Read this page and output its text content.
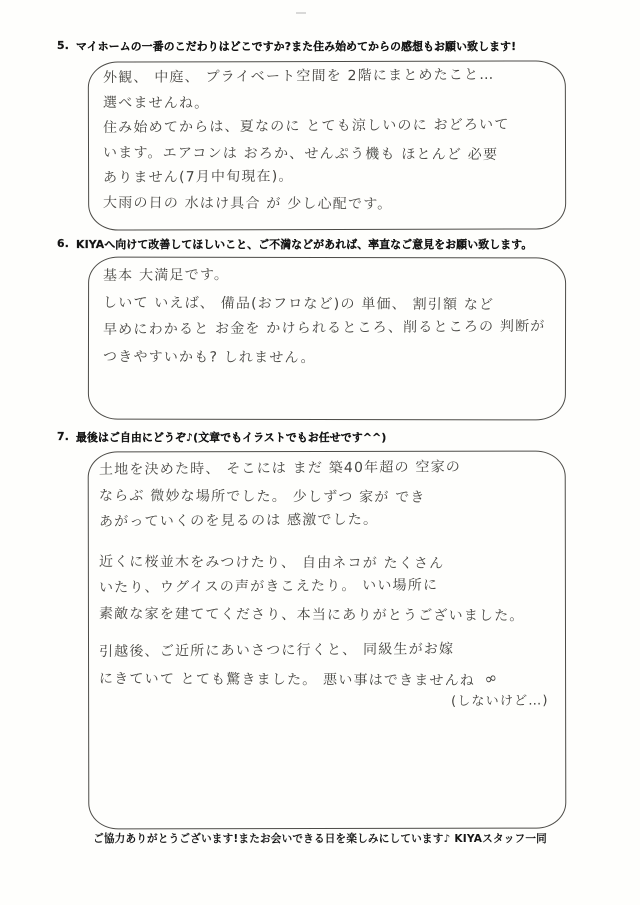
5. マイホームの一番のこだわりはどこですか?また住み始めてからの感想もお願い致します!
外観、 中庭、 プライベート空間を 2階にまとめたこと…
選べませんね。
住み始めてからは、夏なのに とても涼しいのに おどろいて
います。エアコンは おろか、せんぷう機も ほとんど 必要
ありません(7月中旬現在)。
大雨の日の 水はけ具合 が 少し心配です。
6. KIYAへ向けて改善してほしいこと、ご不満などがあれば、率直なご意見をお願い致します。
基本 大満足です。
しいて いえば、 備品(おフロなど)の 単価、 割引額 など
早めにわかると お金を かけられるところ、削るところの 判断が
つきやすいかも? しれません。
7. 最後はご自由にどうぞ♪(文章でもイラストでもお任せです^^)
土地を決めた時、 そこには まだ 築40年超の 空家の
ならぶ 微妙な場所でした。 少しずつ 家が でき
あがっていくのを見るのは 感激でした。
近くに桜並木をみつけたり、 自由ネコが たくさん
いたり、ウグイスの声がきこえたり。 いい場所に
素敵な家を建ててくださり、本当にありがとうございました。
引越後、ご近所にあいさつに行くと、 同級生がお嫁
にきていて とても驚きました。 悪い事はできませんね ∞
(しないけど…)
ご協力ありがとうございます!またお会いできる日を楽しみにしています♪ KIYAスタッフ一同
